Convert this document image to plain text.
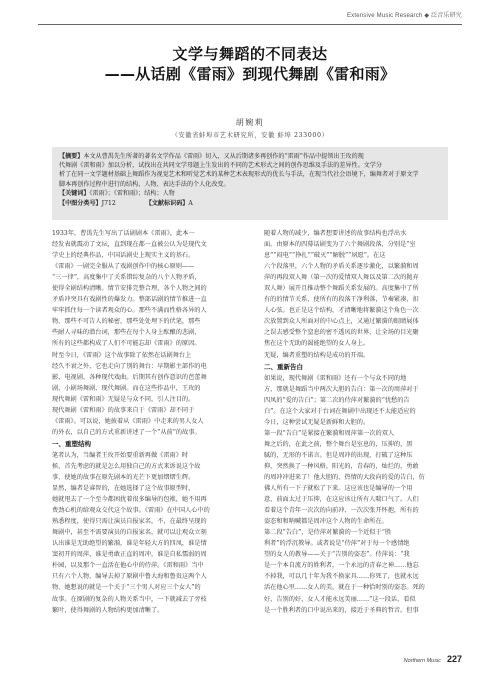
Extensive Music Research ◆ 泛音乐研究
文学与舞蹈的不同表达
——从话剧《雷雨》到现代舞剧《雷和雨》
胡婉莉
（安徽省蚌埠市艺术研究所，安徽 蚌埠 233000）
【摘要】本文从曹禺先生所著的著名文学作品《雷雨》切入，又从后期诸多再创作的“雷雨”作品中提领出王玫的现
代舞剧《雷和雨》加以分析，试找出在共同文学母题上生发出的不同的艺术形式之间的创作思维及手法的差异性。文学分
析了在同一文学题材基础上舞蹈作为视觉艺术和听觉艺术的某种艺术表现形式的优长与手法，在现当代社会语境下，编舞者对于原文学
脚本再创作过程中进行的结构、人物、表达手法的个人化改变。
【关键词】《雷雨》；《雷和雨》；结构；人物
【中图分类号】J712	【文献标识码】A
1933年，曹禺先生写出了话剧剧本《雷雨》，此本一
经发表就震动了文坛，直到现在都一直被公认为是现代文
学史上的经典作品，中国话剧史上现实主义的基石。
《雷雨》一剧完全服从了戏剧创作中的核心原则——
“三一律”，高度集中了关系错综复杂的八个人物矛盾，
使得全剧结构清晰。情节安排完整合理，各个人物之间的
矛盾冲突具有戏剧性的爆发力。整部话剧的情节推进一直
牢牢抓住每一个读者观众的心。那些不满而性格各异的人
物，那些不可告人的秘密，那些处处埋下的伏笔，那些
些耐人寻味的潜台词，那些在每个人身上酝酿的悲剧，
所有的这些都构成了人们不可能忘却《雷雨》的原因。
时至今日，《雷雨》这个故事除了依然在话剧舞台上
经久不衰之外，它也走向了别的舞台：早期影主部作的电
影、电视剧、各种现代戏曲。后期其有创作意识的芭蕾舞
剧、小剧场舞剧、现代舞剧。而在这些作品中，王玫的
现代舞剧《雷和雨》无疑是与众不同，引人注目的。
现代舞剧《雷和雨》的故事来自于《雷雨》却不同于
《雷雨》。可以说，她披着从《雷雨》中走来的男人女人
的外衣，以自己的方式重新讲述了一个“从前”的故事。
一、重塑结构
笔者认为，当编者王玫开始要重新再做《雷雨》时
候，首先考虑的就是怎么用独自己的方式来诉说这个故
事，使她的故事在原先剧本的光芒下更加熠熠生辉。
显然，编者是睿智的，在她选择了这个故事原型时，
她就甩去了一个至今都困扰着很多编导的包袱，她不用再
费劲心机的给观众交代这个故事。《雷雨》在中国人心中的
熟悉程度，使得只需让演员自报家名，不，在最终呈现的
舞剧中，甚至不需要演员的自报家名，就可以让观众立刻
认出谁是无助绝望的繁漪，谁是年轻大方的四凤，谁是情
窦初开的周萍，谁是勇敢正直的周冲，谁是自私懦弱的周
朴园，以及那个一直活在他心中的侍萍。《雷和雨》当中
只有六个人物，编导去掉了原剧中鲁大海和鲁贵这两个人
物，她想说的就是一个关于“三个男人对应三个女人”的
故事。在原剧的复杂的人物关系当中，一下就减去了旁枝
繁叶，使得舞剧的人物结构更加清晰了。
随着人物的减少，编者想要讲述的故事结构也浮出水
面。由原本的四幕话剧变为了六个舞剧段落，分别是“室
息”“闷电”“挣扎”“破灭”“解脱”“夙愿”。在这
六个段落里，六个人物的矛盾关系逐步激化，以繁漪和周
萍的再段双人舞（第一次的爱情双人舞以及第二次的抛弃
双人舞）展开且推动整个舞蹈关系发展的。高度集中了所
有的的情节关系，使所有的段落干净利落，节奏紧凑，扣
人心弦。也正是这个结构，才清晰地将繁漪这个角色一次
次放置到众人所面对的中心点上，又通过繁漪的眼睛展体
之误去感受整个窒息的密不透风的世界，让全场的目光聚
焦在这个无助的渴能绝望的女人身上。
无疑，编者重塑的结构是成功的开端。
二、重新告白
如果说，现代舞剧《雷和雨》还有一个与众不同的地
方，那就是舞蹈当中两次大胆的告白：第一次的周萍对于
四凤的“爱的告白”；第二次的侍萍对繁漪的“忧愁的告
白”。在这个大家对于台词在舞剧中出现还不太能适应的
今日，这种尝试无疑是新鲜和大胆的。
第一段“告白”是紧接在繁漪和周萍第一次的双人
舞之后的，在此之前，整个舞台是室息的，压抑的，黑
腻的，无形的不诺言。但是周冲的出现，打破了这种压
抑，突然换了一种风格，阳光的，青春的，灿烂的，勇敢
的周冲冲进来了！他大胆的、热情的大段向的爱的告白，仿
佛人所有一下子就松了下来。这应该也是编导的一个用
意，前面太过于压抑，在这应该让所有人喘口气了。人们
看着这个青年一次次的向前冲、一次次张开怀抱，所有的
姿态和和呐喊都是周冲这个人物的生命所在。
第二段“告白”，是侍萍对繁漪的一个近似于“胜
利者”的浮沉教导。或者说是“侍萍”对于每一个感情绝
望的女人的教导——关于“告别的姿态”。侍萍说：“我
是一个本自流方的姓利者，一个永远的青春之神……他忘
不掉我，可以几十年为我不换家具……你死了，也就永远
活在他心里……女人的美，就在于一种恰时别的姿态。死的
好，告别的好，女人才能永远美丽……”这一段话，看似
是一个胜利者的口中说出来的，接近于圣典的哲音。但事
Northern Music 227
